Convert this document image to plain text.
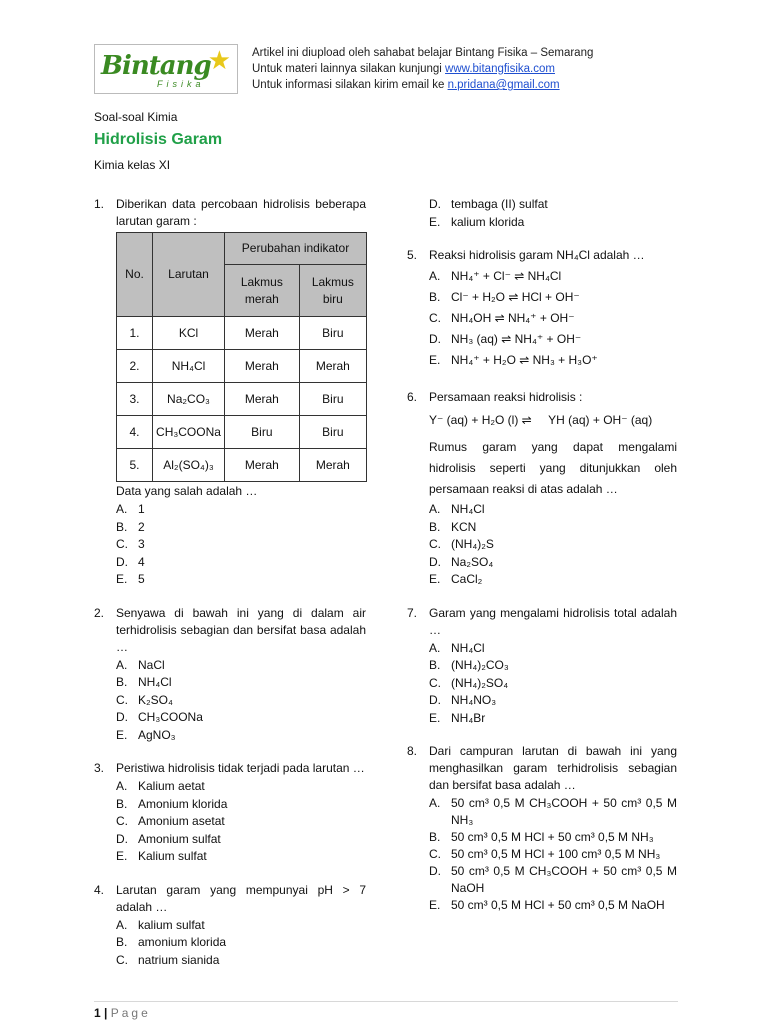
Bintang
★
Fisika
Artikel ini diupload oleh sahabat belajar Bintang Fisika – Semarang
Untuk materi lainnya silakan kunjungi www.bitangfisika.com
Untuk informasi silakan kirim email ke n.pridana@gmail.com
Soal-soal Kimia
Hidrolisis Garam
Kimia kelas XI
1. Diberikan data percobaan hidrolisis beberapa larutan garam :
No.	Larutan	Perubahan indikator	
		Lakmus merah	Lakmus biru
1.	KCl	Merah	Biru
2.	NH₄Cl	Merah	Merah
3.	Na₂CO₃	Merah	Biru
4.	CH₃COONa	Biru	Biru
5.	Al₂(SO₄)₃	Merah	Merah
Data yang salah adalah …
A. 1
B. 2
C. 3
D. 4
E. 5
2. Senyawa di bawah ini yang di dalam air terhidrolisis sebagian dan bersifat basa adalah …
A. NaCl
B. NH₄Cl
C. K₂SO₄
D. CH₃COONa
E. AgNO₃
3. Peristiwa hidrolisis tidak terjadi pada larutan …
A. Kalium aetat
B. Amonium klorida
C. Amonium asetat
D. Amonium sulfat
E. Kalium sulfat
4. Larutan garam yang mempunyai pH > 7 adalah …
A. kalium sulfat
B. amonium klorida
C. natrium sianida
D. tembaga (II) sulfat
E. kalium klorida
5. Reaksi hidrolisis garam NH₄Cl adalah …
A. NH₄⁺ + Cl⁻ ⇌ NH₄Cl
B. Cl⁻ + H₂O ⇌ HCl + OH⁻
C. NH₄OH ⇌ NH₄⁺ + OH⁻
D. NH₃ (aq) ⇌ NH₄⁺ + OH⁻
E. NH₄⁺ + H₂O ⇌ NH₃ + H₃O⁺
6. Persamaan reaksi hidrolisis :
Y⁻ (aq) + H₂O (l) ⇌     YH (aq) + OH⁻ (aq)
Rumus garam yang dapat mengalami hidrolisis seperti yang ditunjukkan oleh persamaan reaksi di atas adalah …
A. NH₄Cl
B. KCN
C. (NH₄)₂S
D. Na₂SO₄
E. CaCl₂
7. Garam yang mengalami hidrolisis total adalah …
A. NH₄Cl
B. (NH₄)₂CO₃
C. (NH₄)₂SO₄
D. NH₄NO₃
E. NH₄Br
8. Dari campuran larutan di bawah ini yang menghasilkan garam terhidrolisis sebagian dan bersifat basa adalah …
A. 50 cm³ 0,5 M CH₃COOH + 50 cm³ 0,5 M NH₃
B. 50 cm³ 0,5 M HCl + 50 cm³ 0,5 M NH₃
C. 50 cm³ 0,5 M HCl + 100 cm³ 0,5 M NH₃
D. 50 cm³ 0,5 M CH₃COOH + 50 cm³ 0,5 M NaOH
E. 50 cm³ 0,5 M HCl + 50 cm³ 0,5 M NaOH
1 | Page
